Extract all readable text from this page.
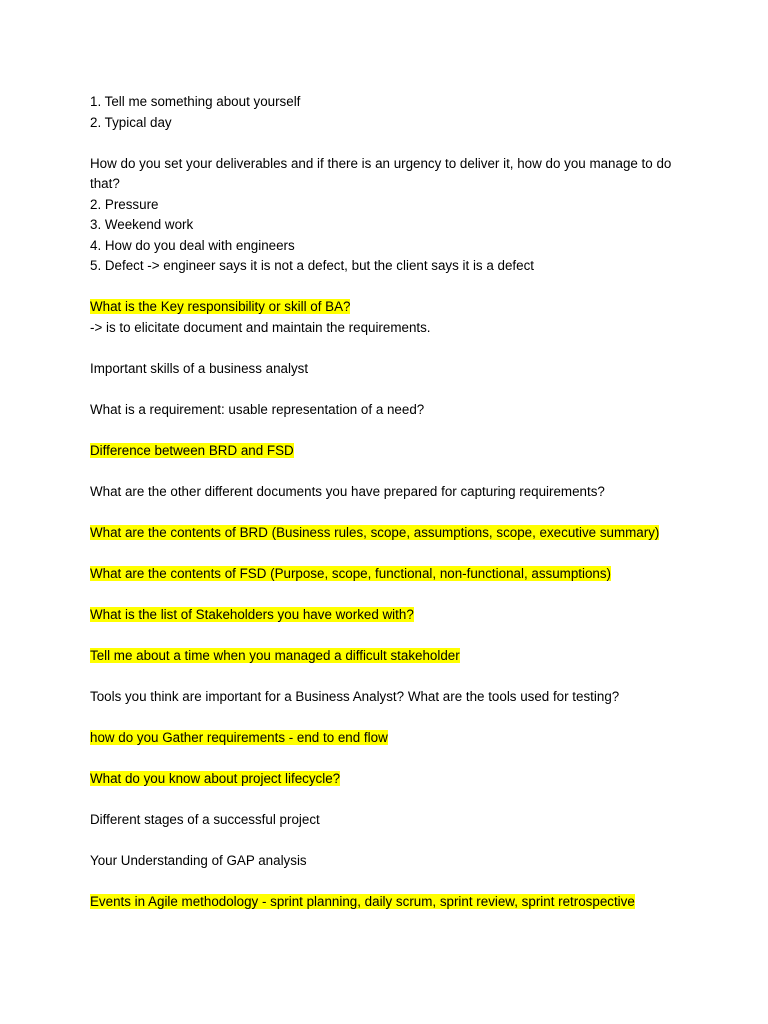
1. Tell me something about yourself
2. Typical day
How do you set your deliverables and if there is an urgency to deliver it, how do you manage to do that?
2. Pressure
3. Weekend work
4. How do you deal with engineers
5. Defect -> engineer says it is not a defect, but the client says it is a defect
What is the Key responsibility or skill of BA?
-> is to elicitate document and maintain the requirements.
Important skills of a business analyst
What is a requirement: usable representation of a need?
Difference between BRD and FSD
What are the other different documents you have prepared for capturing requirements?
What are the contents of BRD (Business rules, scope, assumptions, scope, executive summary)
What are the contents of FSD (Purpose, scope, functional, non-functional, assumptions)
What is the list of Stakeholders you have worked with?
Tell me about a time when you managed a difficult stakeholder
Tools you think are important for a Business Analyst? What are the tools used for testing?
how do you Gather requirements - end to end flow
What do you know about project lifecycle?
Different stages of a successful project
Your Understanding of GAP analysis
Events in Agile methodology - sprint planning, daily scrum, sprint review, sprint retrospective
